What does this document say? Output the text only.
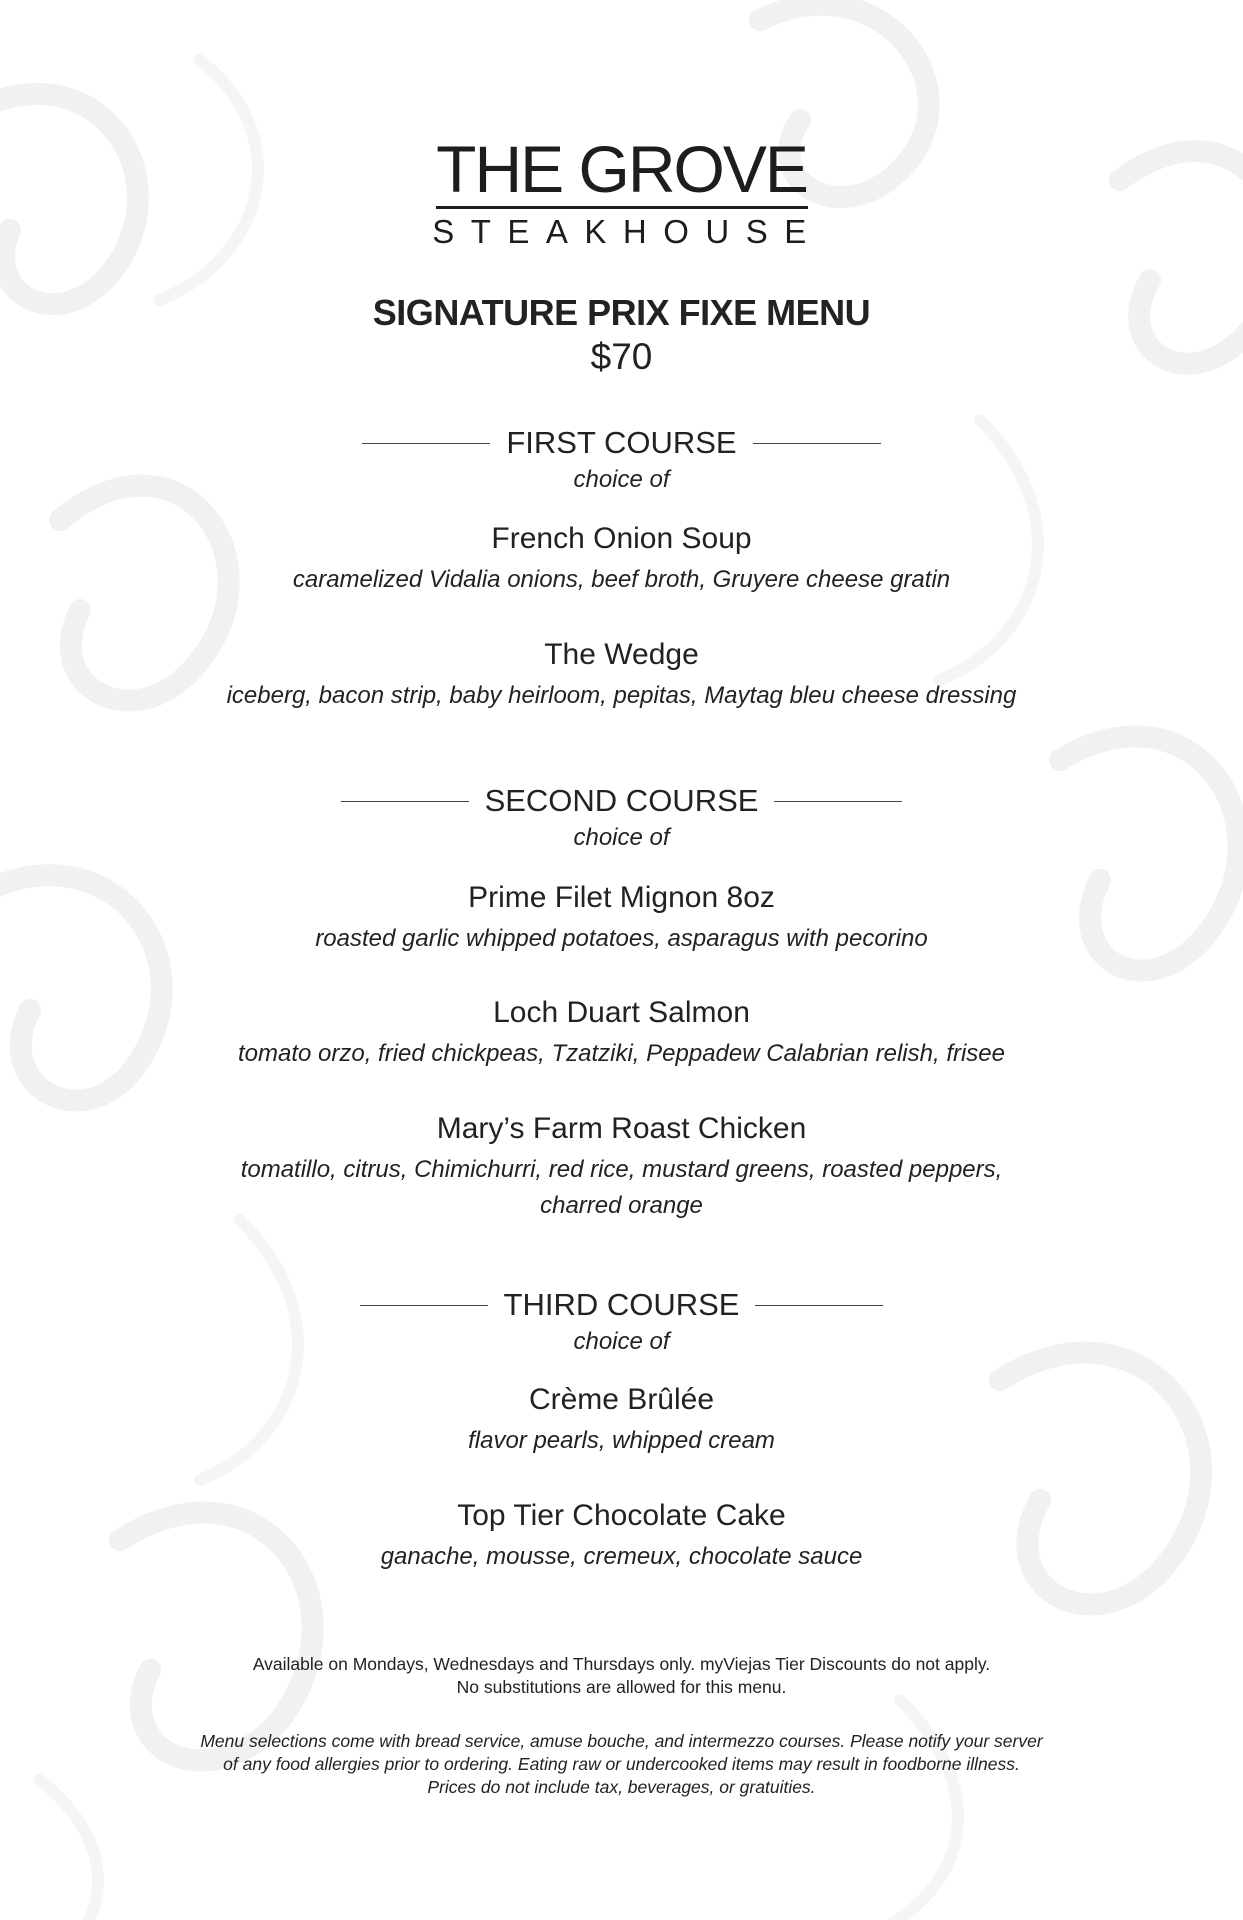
THE GROVE
STEAKHOUSE
SIGNATURE PRIX FIXE MENU
$70
FIRST COURSE
choice of
French Onion Soup
caramelized Vidalia onions, beef broth, Gruyere cheese gratin
The Wedge
iceberg, bacon strip, baby heirloom, pepitas, Maytag bleu cheese dressing
SECOND COURSE
choice of
Prime Filet Mignon 8oz
roasted garlic whipped potatoes, asparagus with pecorino
Loch Duart Salmon
tomato orzo, fried chickpeas, Tzatziki, Peppadew Calabrian relish, frisee
Mary’s Farm Roast Chicken
tomatillo, citrus, Chimichurri, red rice, mustard greens, roasted peppers,
charred orange
THIRD COURSE
choice of
Crème Brûlée
flavor pearls, whipped cream
Top Tier Chocolate Cake
ganache, mousse, cremeux, chocolate sauce
Available on Mondays, Wednesdays and Thursdays only. myViejas Tier Discounts do not apply.
No substitutions are allowed for this menu.
Menu selections come with bread service, amuse bouche, and intermezzo courses. Please notify your server
of any food allergies prior to ordering. Eating raw or undercooked items may result in foodborne illness.
Prices do not include tax, beverages, or gratuities.
